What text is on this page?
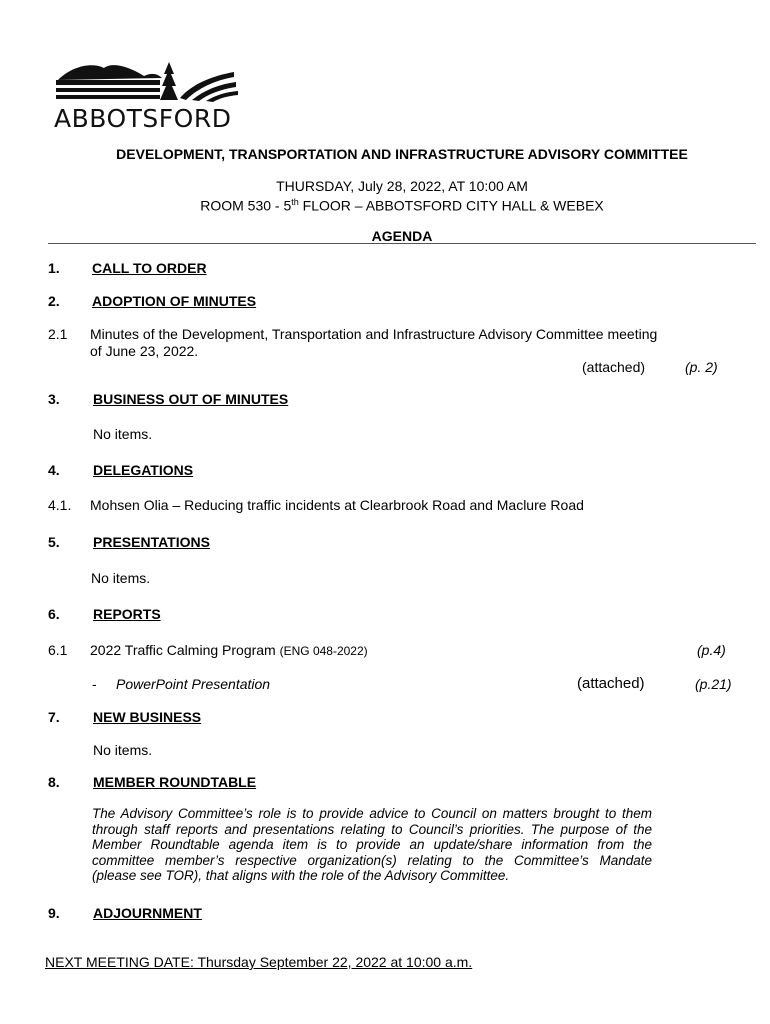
ABBOTSFORD
DEVELOPMENT, TRANSPORTATION AND INFRASTRUCTURE ADVISORY COMMITTEE
THURSDAY, July 28, 2022, AT 10:00 AM
ROOM 530 - 5th FLOOR – ABBOTSFORD CITY HALL & WEBEX
AGENDA
1. CALL TO ORDER
2. ADOPTION OF MINUTES
2.1 Minutes of the Development, Transportation and Infrastructure Advisory Committee meeting
of June 23, 2022.
(attached)	(p. 2)
3. BUSINESS OUT OF MINUTES
No items.
4. DELEGATIONS
4.1. Mohsen Olia – Reducing traffic incidents at Clearbrook Road and Maclure Road
5. PRESENTATIONS
No items.
6. REPORTS
6.1 2022 Traffic Calming Program (ENG 048-2022)	(p.4)
- PowerPoint Presentation	(attached)	(p.21)
7. NEW BUSINESS
No items.
8. MEMBER ROUNDTABLE
The Advisory Committee’s role is to provide advice to Council on matters brought to them
through staff reports and presentations relating to Council’s priorities. The purpose of the
Member Roundtable agenda item is to provide an update/share information from the
committee member’s respective organization(s) relating to the Committee’s Mandate
(please see TOR), that aligns with the role of the Advisory Committee.
9. ADJOURNMENT
NEXT MEETING DATE: Thursday September 22, 2022 at 10:00 a.m.
